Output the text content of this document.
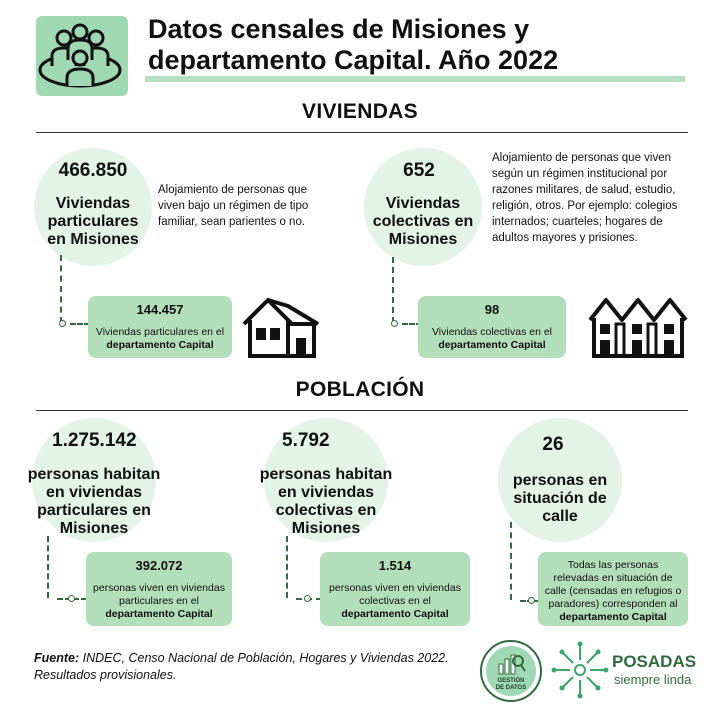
Datos censales de Misiones y
departamento Capital. Año 2022
VIVIENDAS
466.850
Viviendas
particulares
en Misiones
Alojamiento de personas que viven bajo un régimen de tipo familiar, sean parientes o no.
144.457
Viviendas particulares en el
departamento Capital
652
Viviendas
colectivas en
Misiones
Alojamiento de personas que viven según un régimen institucional por razones militares, de salud, estudio, religión, otros. Por ejemplo: colegios internados; cuarteles; hogares de adultos mayores y prisiones.
98
Viviendas colectivas en el
departamento Capital
POBLACIÓN
1.275.142
personas habitan
en viviendas
particulares en
Misiones
392.072
personas viven en viviendas particulares en el
departamento Capital
5.792
personas habitan
en viviendas
colectivas en
Misiones
1.514
personas viven en viviendas colectivas en el
departamento Capital
26
personas en
situación de
calle
Todas las personas relevadas en situación de calle (censadas en refugios o paradores) corresponden al
departamento Capital
Fuente: INDEC, Censo Nacional de Población, Hogares y Viviendas 2022. Resultados provisionales.	GESTIÓN
DE DATOS
POSADAS
siempre linda
